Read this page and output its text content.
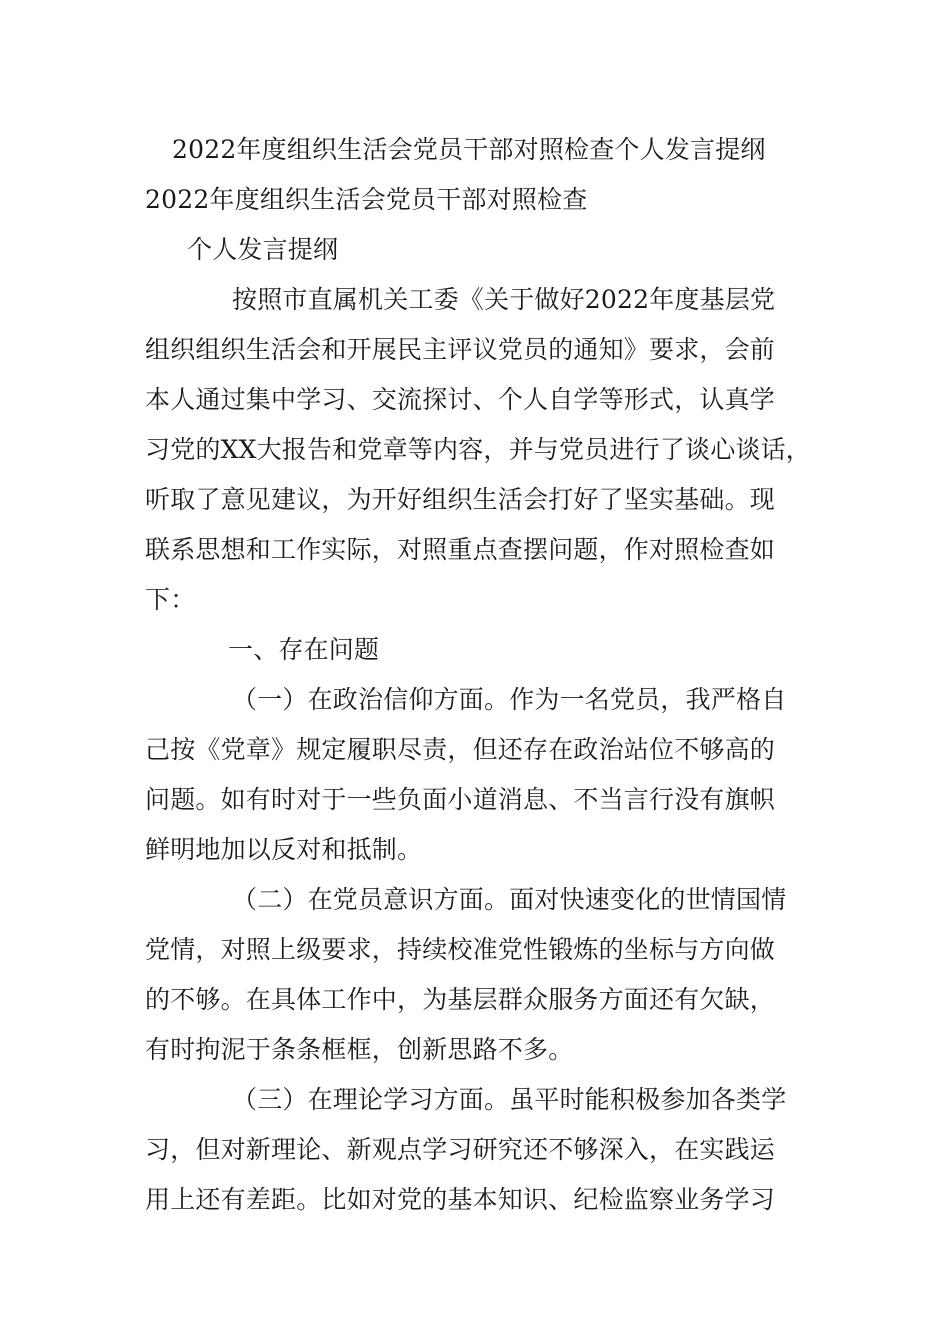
2022年度组织生活会党员干部对照检查个人发言提纲
2022年度组织生活会党员干部对照检查
个人发言提纲
按照市直属机关工委《关于做好2022年度基层党
组织组织生活会和开展民主评议党员的通知》要求，会前
本人通过集中学习、交流探讨、个人自学等形式，认真学
习党的XX大报告和党章等内容，并与党员进行了谈心谈话，
听取了意见建议，为开好组织生活会打好了坚实基础。现
联系思想和工作实际，对照重点查摆问题，作对照检查如
下：
一、存在问题
（一）在政治信仰方面。作为一名党员，我严格自
己按《党章》规定履职尽责，但还存在政治站位不够高的
问题。如有时对于一些负面小道消息、不当言行没有旗帜
鲜明地加以反对和抵制。
（二）在党员意识方面。面对快速变化的世情国情
党情，对照上级要求，持续校准党性锻炼的坐标与方向做
的不够。在具体工作中，为基层群众服务方面还有欠缺，
有时拘泥于条条框框，创新思路不多。
（三）在理论学习方面。虽平时能积极参加各类学
习，但对新理论、新观点学习研究还不够深入，在实践运
用上还有差距。比如对党的基本知识、纪检监察业务学习
